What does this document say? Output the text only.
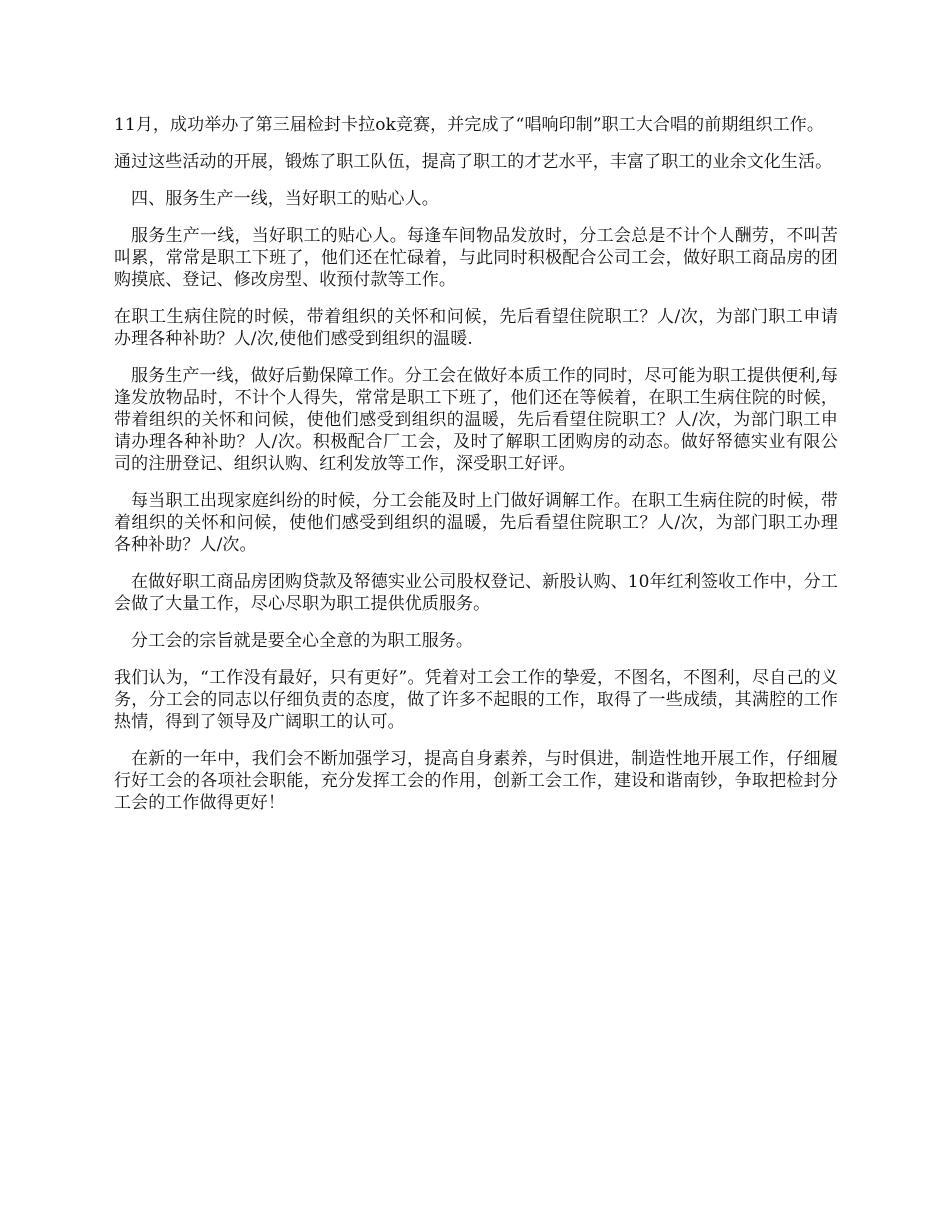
11月，成功举办了第三届检封卡拉ok竞赛，并完成了“唱响印制”职工大合唱的前期组织工作。

通过这些活动的开展，锻炼了职工队伍，提高了职工的才艺水平，丰富了职工的业余文化生活。

四、服务生产一线，当好职工的贴心人。

服务生产一线，当好职工的贴心人。每逢车间物品发放时，分工会总是不计个人酬劳，不叫苦叫累，常常是职工下班了，他们还在忙碌着，与此同时积极配合公司工会，做好职工商品房的团购摸底、登记、修改房型、收预付款等工作。

在职工生病住院的时候，带着组织的关怀和问候，先后看望住院职工？人/次，为部门职工申请办理各种补助？人/次,使他们感受到组织的温暖.

服务生产一线，做好后勤保障工作。分工会在做好本质工作的同时，尽可能为职工提供便利,每逢发放物品时，不计个人得失，常常是职工下班了，他们还在等候着，在职工生病住院的时候，带着组织的关怀和问候，使他们感受到组织的温暖，先后看望住院职工？人/次，为部门职工申请办理各种补助？人/次。积极配合厂工会，及时了解职工团购房的动态。做好帑德实业有限公司的注册登记、组织认购、红利发放等工作，深受职工好评。

每当职工出现家庭纠纷的时候，分工会能及时上门做好调解工作。在职工生病住院的时候，带着组织的关怀和问候，使他们感受到组织的温暖，先后看望住院职工？人/次，为部门职工办理各种补助？人/次。

在做好职工商品房团购贷款及帑德实业公司股权登记、新股认购、10年红利签收工作中，分工会做了大量工作，尽心尽职为职工提供优质服务。

分工会的宗旨就是要全心全意的为职工服务。

我们认为，“工作没有最好，只有更好”。凭着对工会工作的挚爱，不图名，不图利，尽自己的义务，分工会的同志以仔细负责的态度，做了许多不起眼的工作，取得了一些成绩，其满腔的工作热情，得到了领导及广阔职工的认可。

在新的一年中，我们会不断加强学习，提高自身素养，与时俱进，制造性地开展工作，仔细履行好工会的各项社会职能，充分发挥工会的作用，创新工会工作，建设和谐南钞，争取把检封分工会的工作做得更好！
